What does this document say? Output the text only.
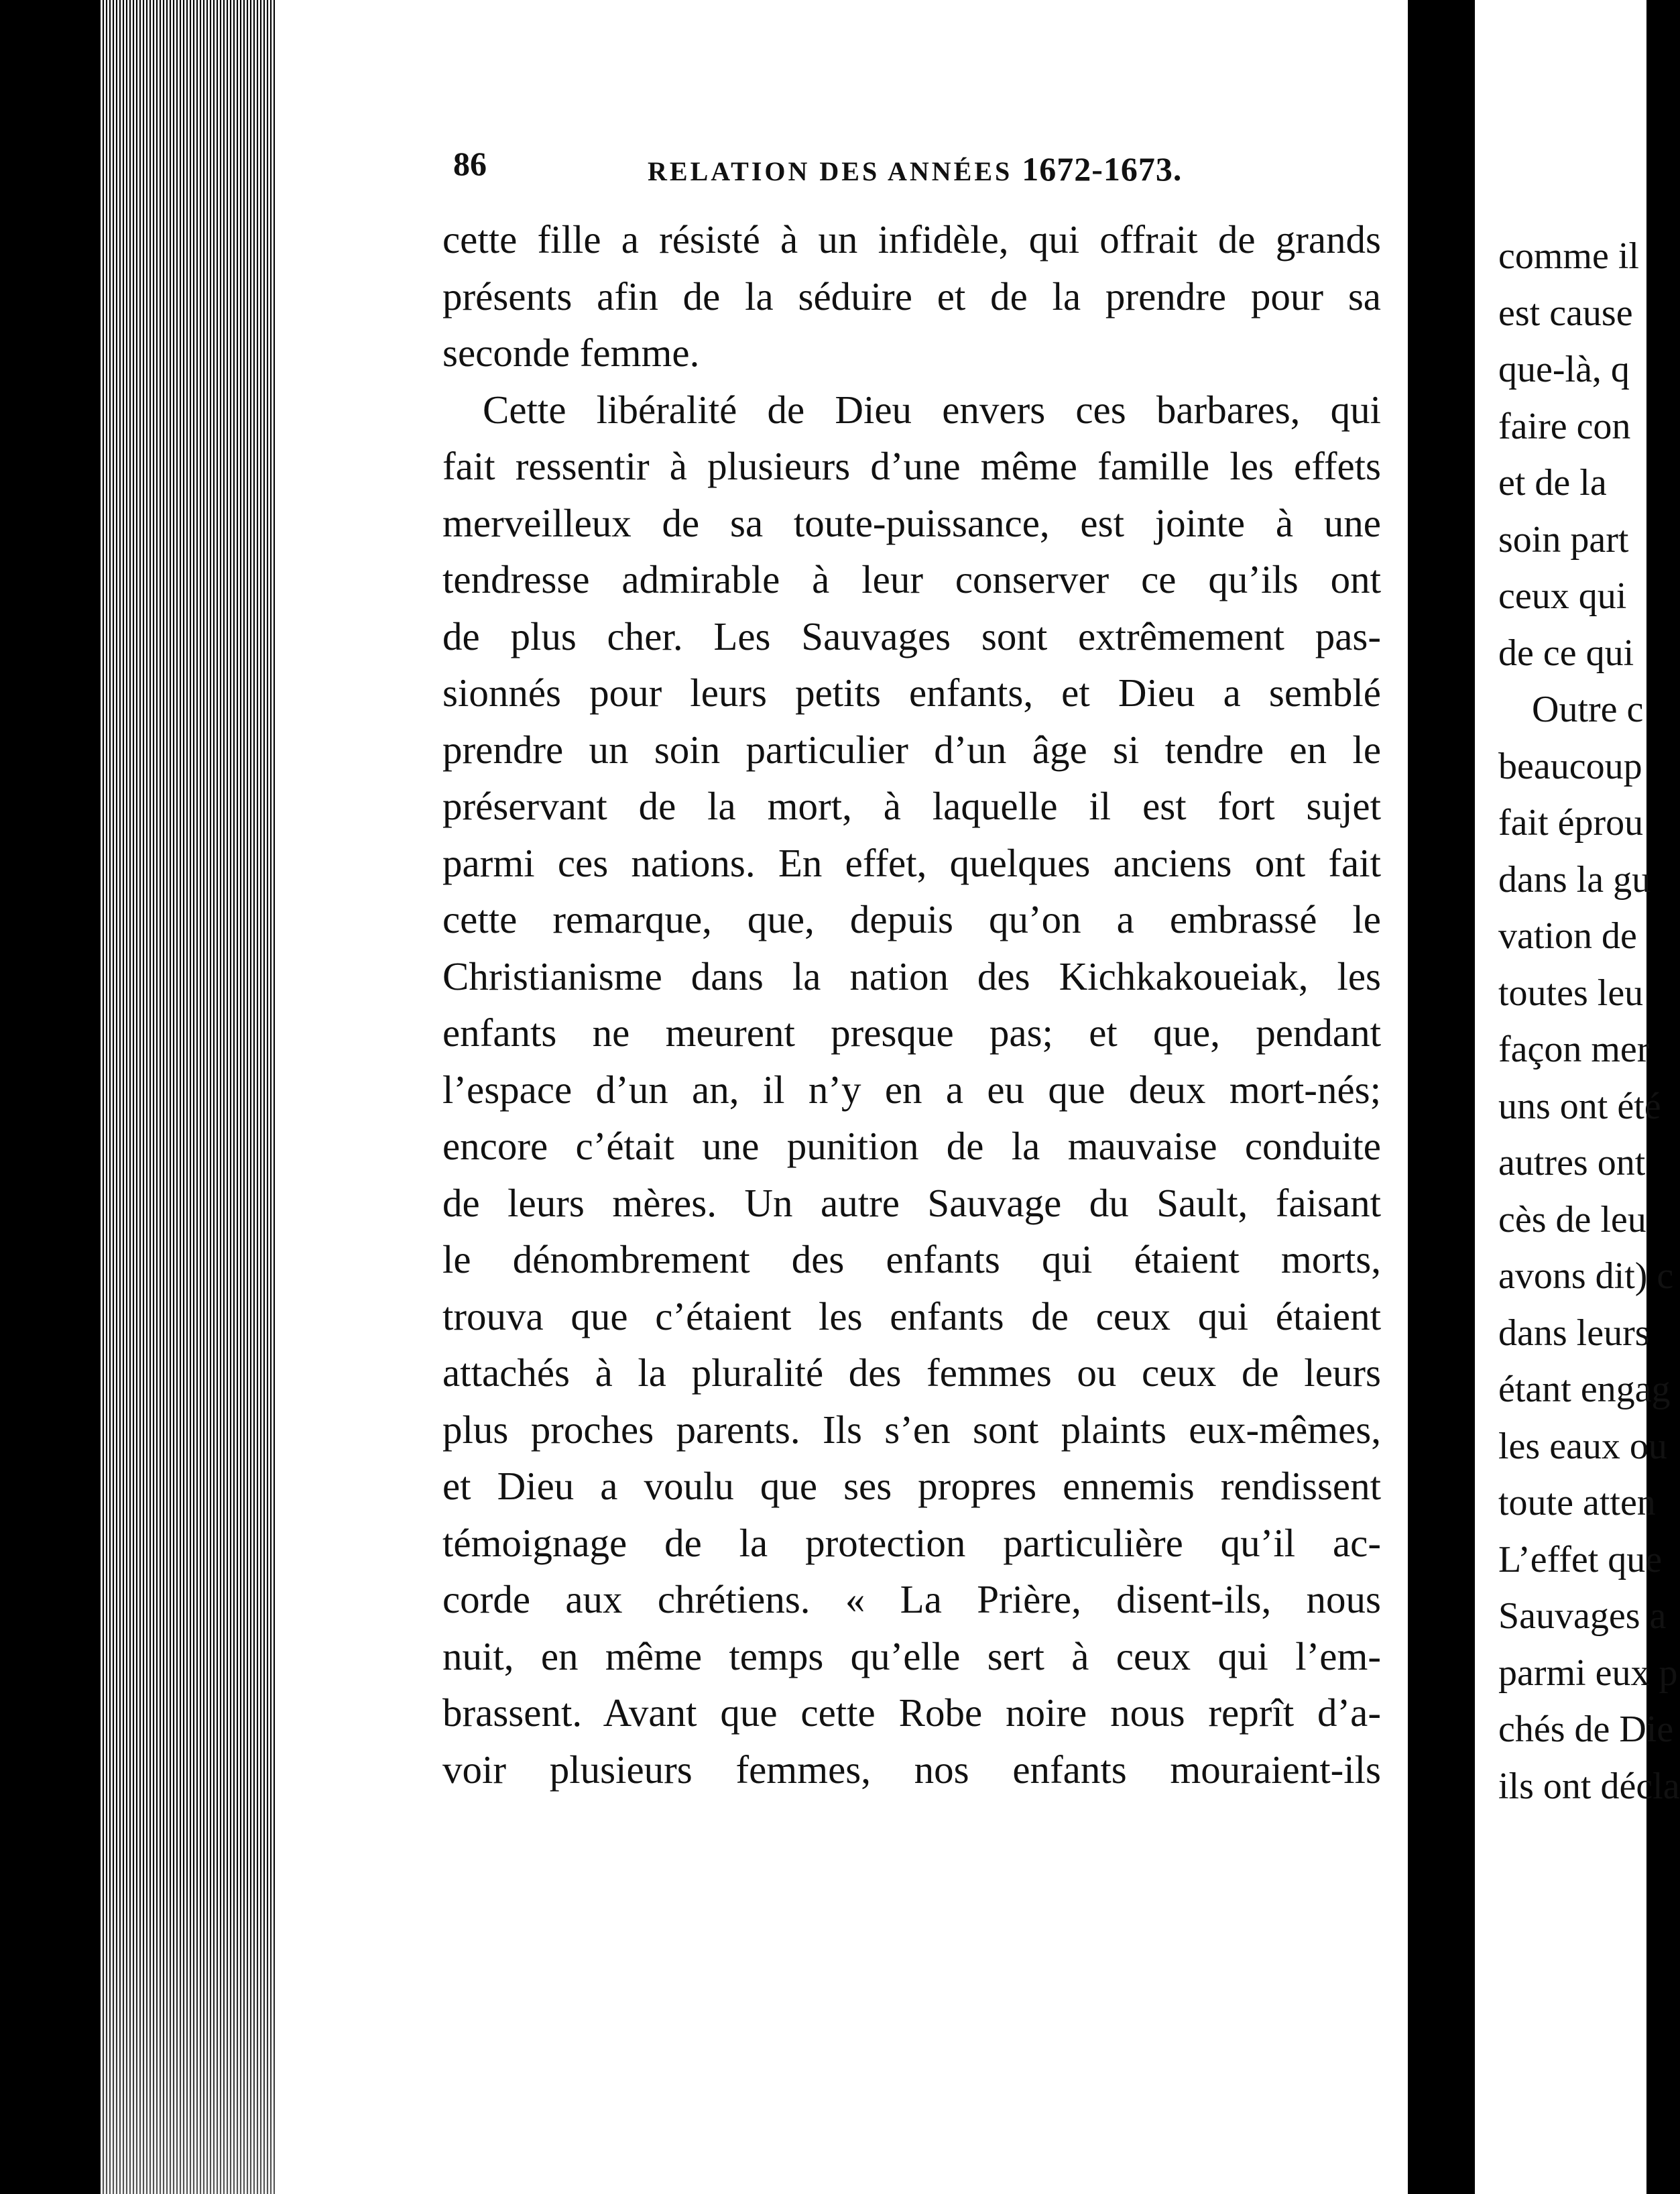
86	RELATION DES ANNÉES 1672-1673.
cette fille a résisté à un infidèle, qui offrait de grands
présents afin de la séduire et de la prendre pour sa
seconde femme.
Cette libéralité de Dieu envers ces barbares, qui
fait ressentir à plusieurs d’une même famille les effets
merveilleux de sa toute-puissance, est jointe à une
tendresse admirable à leur conserver ce qu’ils ont
de plus cher. Les Sauvages sont extrêmement pas-
sionnés pour leurs petits enfants, et Dieu a semblé
prendre un soin particulier d’un âge si tendre en le
préservant de la mort, à laquelle il est fort sujet
parmi ces nations. En effet, quelques anciens ont fait
cette remarque, que, depuis qu’on a embrassé le
Christianisme dans la nation des Kichkakoueiak, les
enfants ne meurent presque pas; et que, pendant
l’espace d’un an, il n’y en a eu que deux mort-nés;
encore c’était une punition de la mauvaise conduite
de leurs mères. Un autre Sauvage du Sault, faisant
le dénombrement des enfants qui étaient morts,
trouva que c’étaient les enfants de ceux qui étaient
attachés à la pluralité des femmes ou ceux de leurs
plus proches parents. Ils s’en sont plaints eux-mêmes,
et Dieu a voulu que ses propres ennemis rendissent
témoignage de la protection particulière qu’il ac-
corde aux chrétiens. « La Prière, disent-ils, nous
nuit, en même temps qu’elle sert à ceux qui l’em-
brassent. Avant que cette Robe noire nous reprît d’a-
voir plusieurs femmes, nos enfants mouraient-ils
comme il
est cause
que-là, q
faire con
et de la
soin part
ceux qui
de ce qui
Outre c
beaucoup
fait éprou
dans la gu
vation de
toutes leu
façon mer
uns ont été
autres ont
cès de leu
avons dit) c
dans leurs
étant engag
les eaux ou
toute atten
L’effet que
Sauvages a
parmi eux p
chés de Die
ils ont décla
